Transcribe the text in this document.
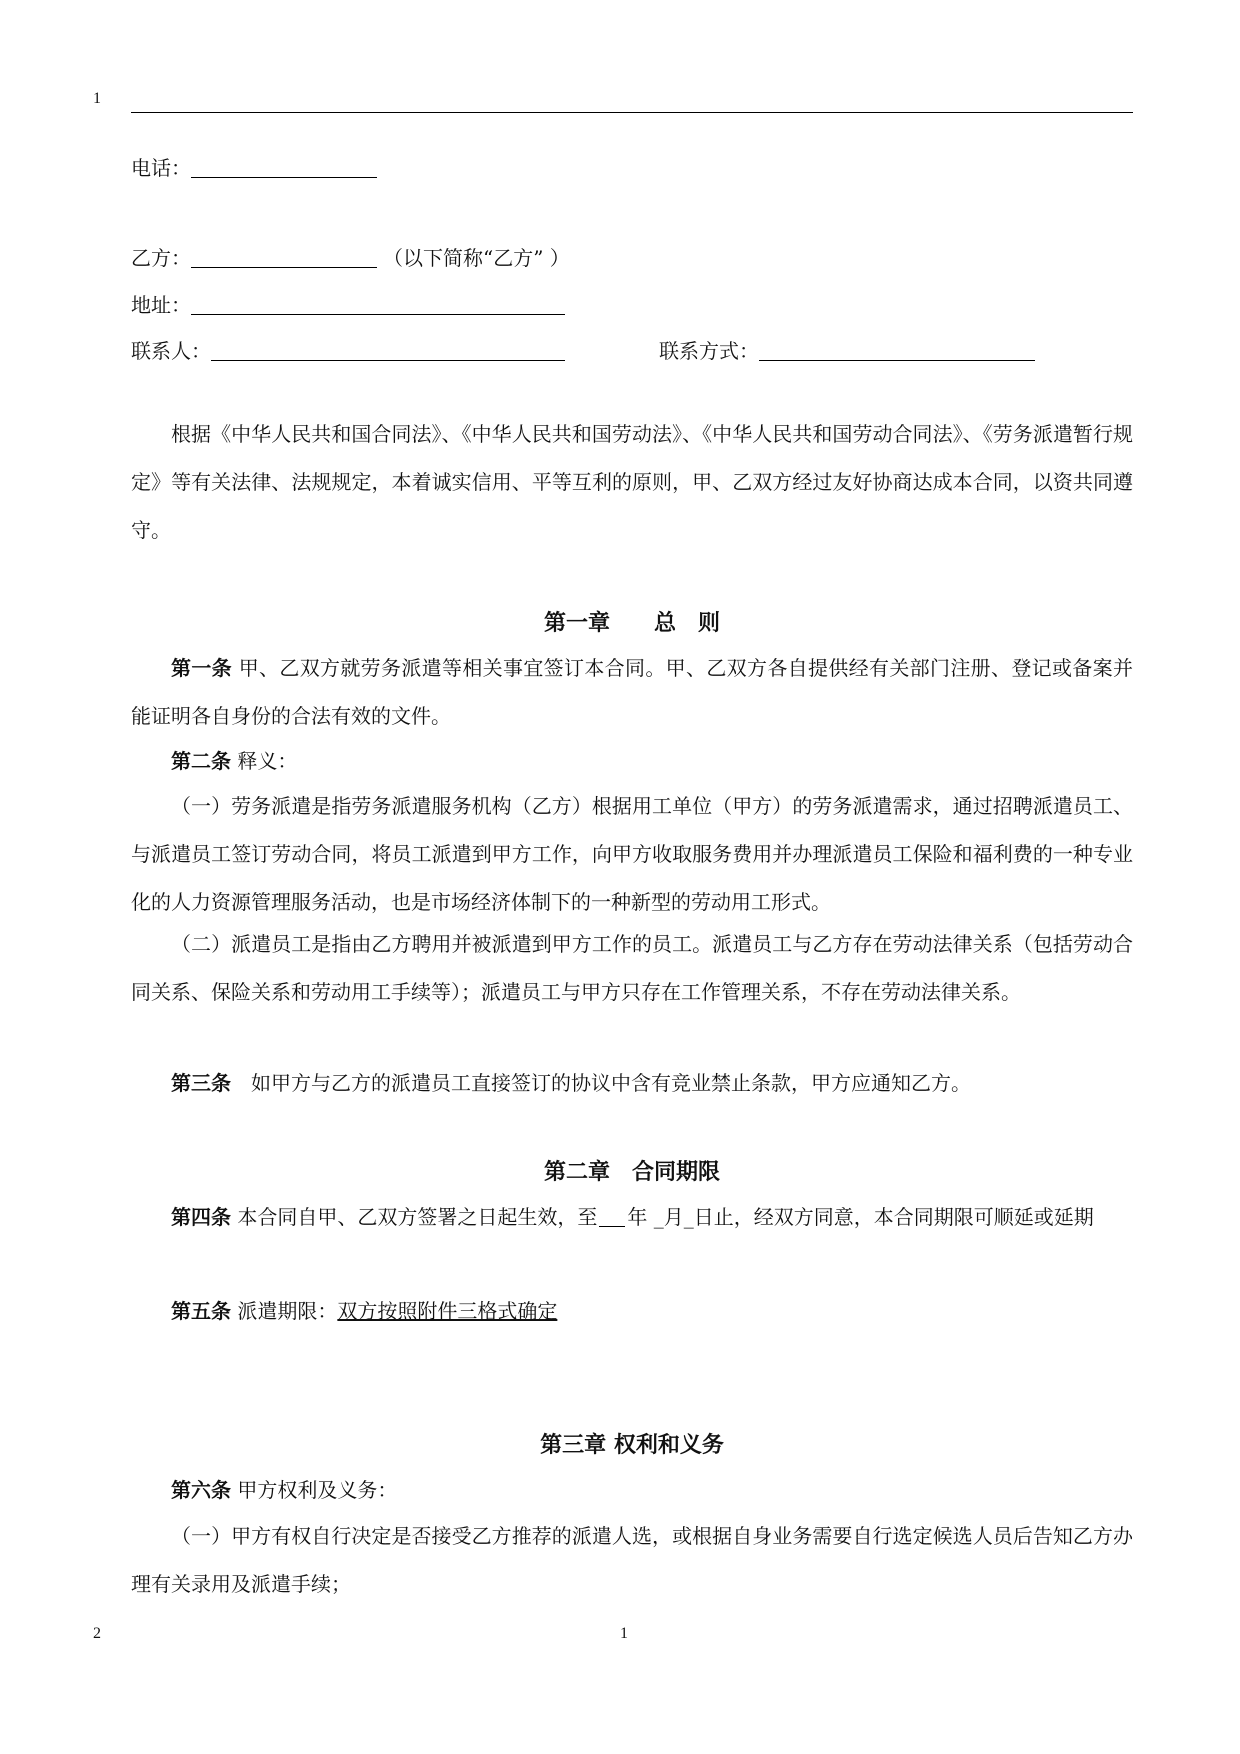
1
电话：
乙方：	（以下简称“乙方” ）
地址：
联系人：	联系方式：
根据《中华人民共和国合同法》、《中华人民共和国劳动法》、《中华人民共和国劳动合同法》、《劳务派遣暂行规定》等有关法律、法规规定，本着诚实信用、平等互利的原则，甲、乙双方经过友好协商达成本合同，以资共同遵守。
第一章　　总　则
第一条 甲、乙双方就劳务派遣等相关事宜签订本合同。甲、乙双方各自提供经有关部门注册、登记或备案并能证明各自身份的合法有效的文件。
第二条 释义：
（一）劳务派遣是指劳务派遣服务机构（乙方）根据用工单位（甲方）的劳务派遣需求，通过招聘派遣员工、与派遣员工签订劳动合同，将员工派遣到甲方工作，向甲方收取服务费用并办理派遣员工保险和福利费的一种专业化的人力资源管理服务活动，也是市场经济体制下的一种新型的劳动用工形式。
（二）派遣员工是指由乙方聘用并被派遣到甲方工作的员工。派遣员工与乙方存在劳动法律关系（包括劳动合同关系、保险关系和劳动用工手续等）；派遣员工与甲方只存在工作管理关系，不存在劳动法律关系。
第三条　如甲方与乙方的派遣员工直接签订的协议中含有竞业禁止条款，甲方应通知乙方。
第二章　合同期限
第四条 本合同自甲、乙双方签署之日起生效，至 年 _月_日止，经双方同意，本合同期限可顺延或延期
第五条 派遣期限：双方按照附件三格式确定
第三章 权利和义务
第六条 甲方权利及义务：
（一）甲方有权自行决定是否接受乙方推荐的派遣人选，或根据自身业务需要自行选定候选人员后告知乙方办理有关录用及派遣手续；
2	1
